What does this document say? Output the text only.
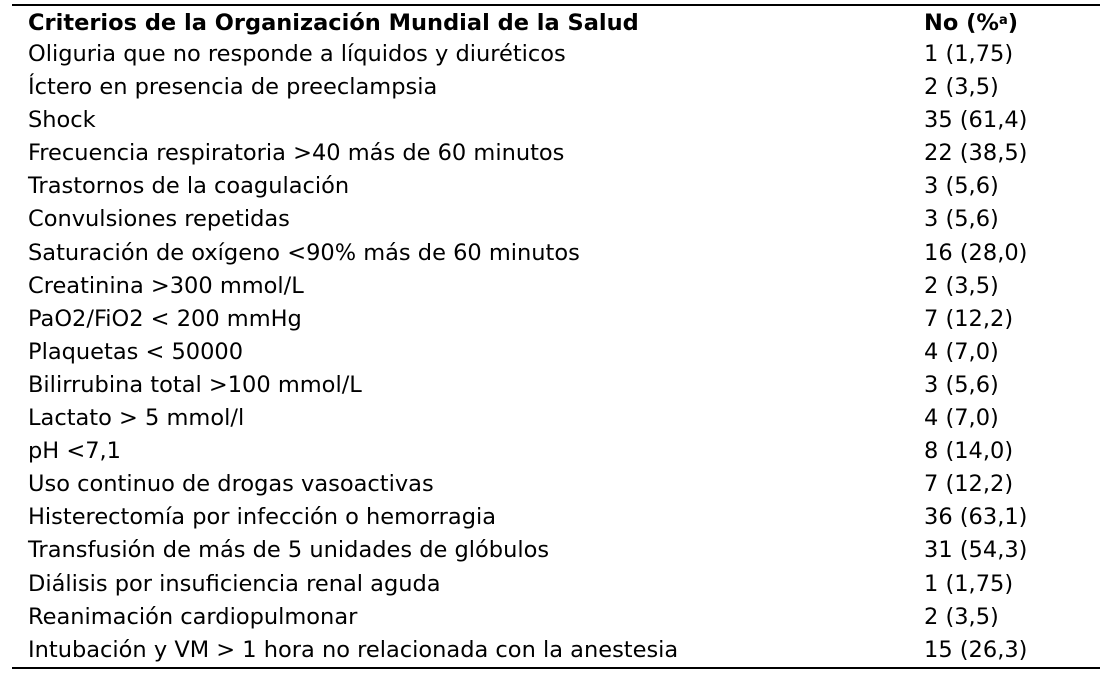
Criterios de la Organización Mundial de la Salud	No (%$^a$)
Oliguria que no responde a líquidos y diuréticos	1 (1,75)
Íctero en presencia de preeclampsia	2 (3,5)
Shock	35 (61,4)
Frecuencia respiratoria >40 más de 60 minutos	22 (38,5)
Trastornos de la coagulación	3 (5,6)
Convulsiones repetidas	3 (5,6)
Saturación de oxígeno <90% más de 60 minutos	16 (28,0)
Creatinina >300 mmol/L	2 (3,5)
PaO2/FiO2 < 200 mmHg	7 (12,2)
Plaquetas < 50000	4 (7,0)
Bilirrubina total >100 mmol/L	3 (5,6)
Lactato > 5 mmol/l	4 (7,0)
pH <7,1	8 (14,0)
Uso continuo de drogas vasoactivas	7 (12,2)
Histerectomía por infección o hemorragia	36 (63,1)
Transfusión de más de 5 unidades de glóbulos	31 (54,3)
Diálisis por insuficiencia renal aguda	1 (1,75)
Reanimación cardiopulmonar	2 (3,5)
Intubación y VM > 1 hora no relacionada con la anestesia	15 (26,3)
